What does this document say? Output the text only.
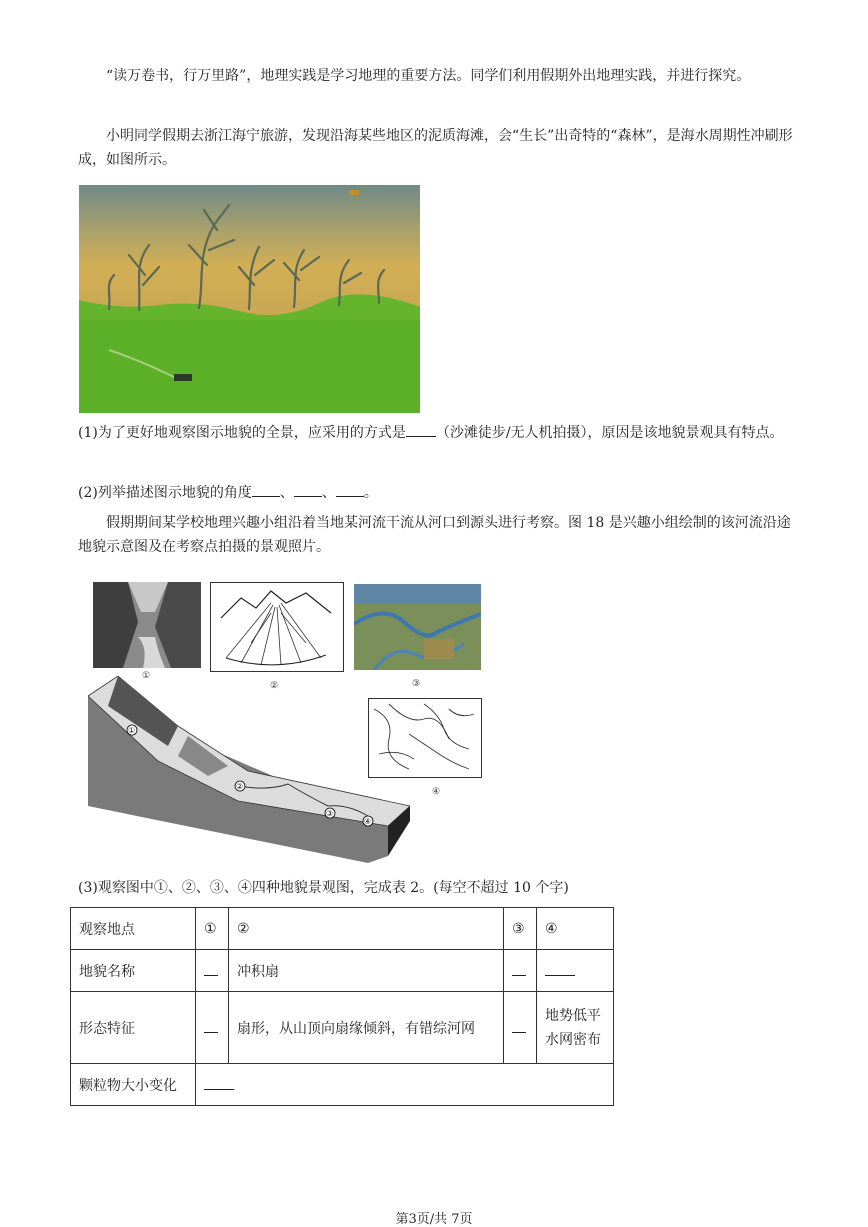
“读万卷书，行万里路”，地理实践是学习地理的重要方法。同学们利用假期外出地理实践，并进行探究。

小明同学假期去浙江海宁旅游，发现沿海某些地区的泥质海滩，会“生长”出奇特的“森林”，是海水周期性冲刷形成，如图所示。

(1)为了更好地观察图示地貌的全景，应采用的方式是 （沙滩徒步/无人机拍摄），原因是该地貌景观具有特点。

(2)列举描述图示地貌的角度 、 、 。

假期期间某学校地理兴趣小组沿着当地某河流干流从河口到源头进行考察。图 18 是兴趣小组绘制的该河流沿途地貌示意图及在考察点拍摄的景观照片。

①
②	③
④
①
②
③
④

(3)观察图中①、②、③、④四种地貌景观图，完成表 2。(每空不超过 10 个字)

观察地点	①	②	③	④
地貌名称		冲积扇		
形态特征		扇形，从山顶向扇缘倾斜，有错综河网		地势低平
水网密布
颗粒物大小变化				
第3页/共 7页
